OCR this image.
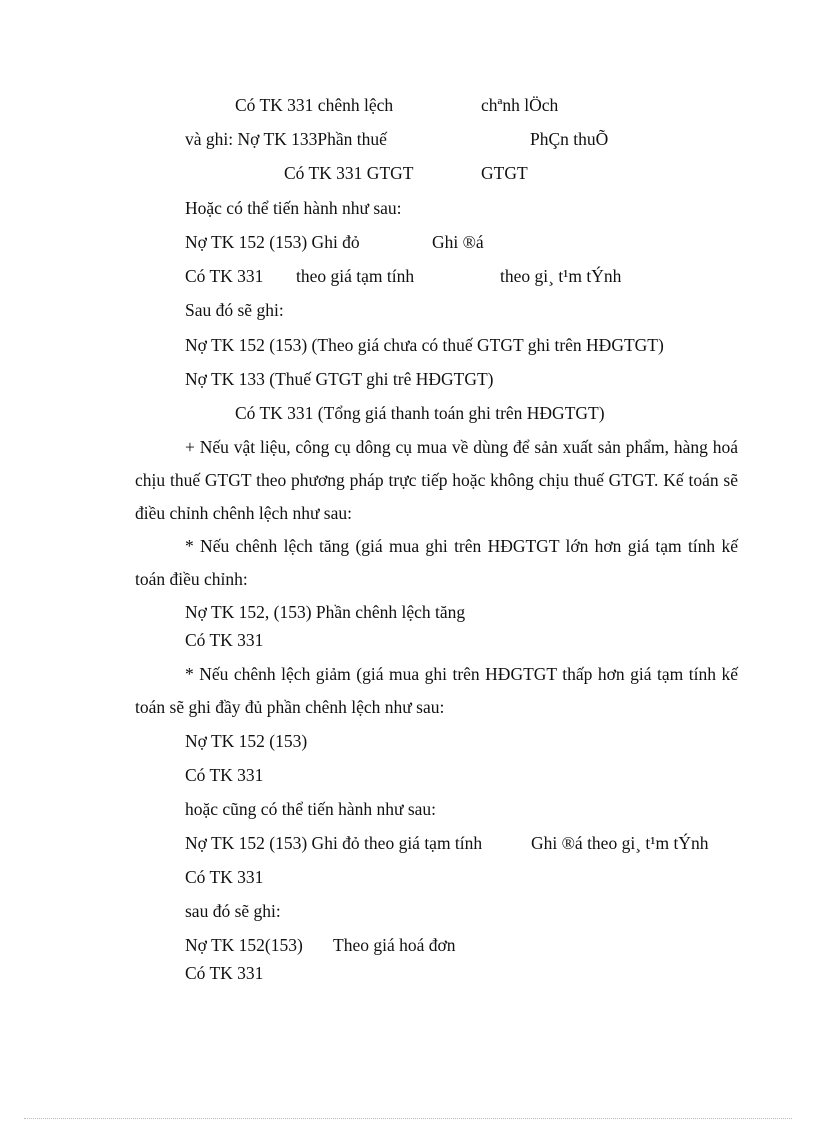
Có TK 331 chênh lệch	chªnh lÖch
và ghi: Nợ TK 133Phần thuế	PhÇn thuÕ
Có TK 331 GTGT	GTGT
Hoặc có thể tiến hành như sau:
Nợ TK 152 (153) Ghi đỏ	Ghi ®á
Có TK 331 theo giá tạm tính	theo gi¸ t¹m tÝnh
Sau đó sẽ ghi:
Nợ TK 152 (153) (Theo giá chưa có thuế GTGT ghi trên HĐGTGT)
Nợ TK 133 (Thuế GTGT ghi trê HĐGTGT)
Có TK 331 (Tổng giá thanh toán ghi trên HĐGTGT)
+ Nếu vật liệu, công cụ dông cụ mua về dùng để sản xuất sản phẩm, hàng hoá chịu thuế GTGT theo phương pháp trực tiếp hoặc không chịu thuế GTGT. Kế toán sẽ điều chỉnh chênh lệch như sau:
* Nếu chênh lệch tăng (giá mua ghi trên HĐGTGT lớn hơn giá tạm tính kế toán điều chỉnh:
Nợ TK 152, (153) Phần chênh lệch tăng
Có TK 331
* Nếu chênh lệch giảm (giá mua ghi trên HĐGTGT thấp hơn giá tạm tính kế toán sẽ ghi đầy đủ phần chênh lệch như sau:
Nợ TK 152 (153)
Có TK 331
hoặc cũng có thể tiến hành như sau:
Nợ TK 152 (153) Ghi đỏ theo giá tạm tính	Ghi ®á theo gi¸ t¹m tÝnh
Có TK 331
sau đó sẽ ghi:
Nợ TK 152(153) Theo giá hoá đơn
Có TK 331
